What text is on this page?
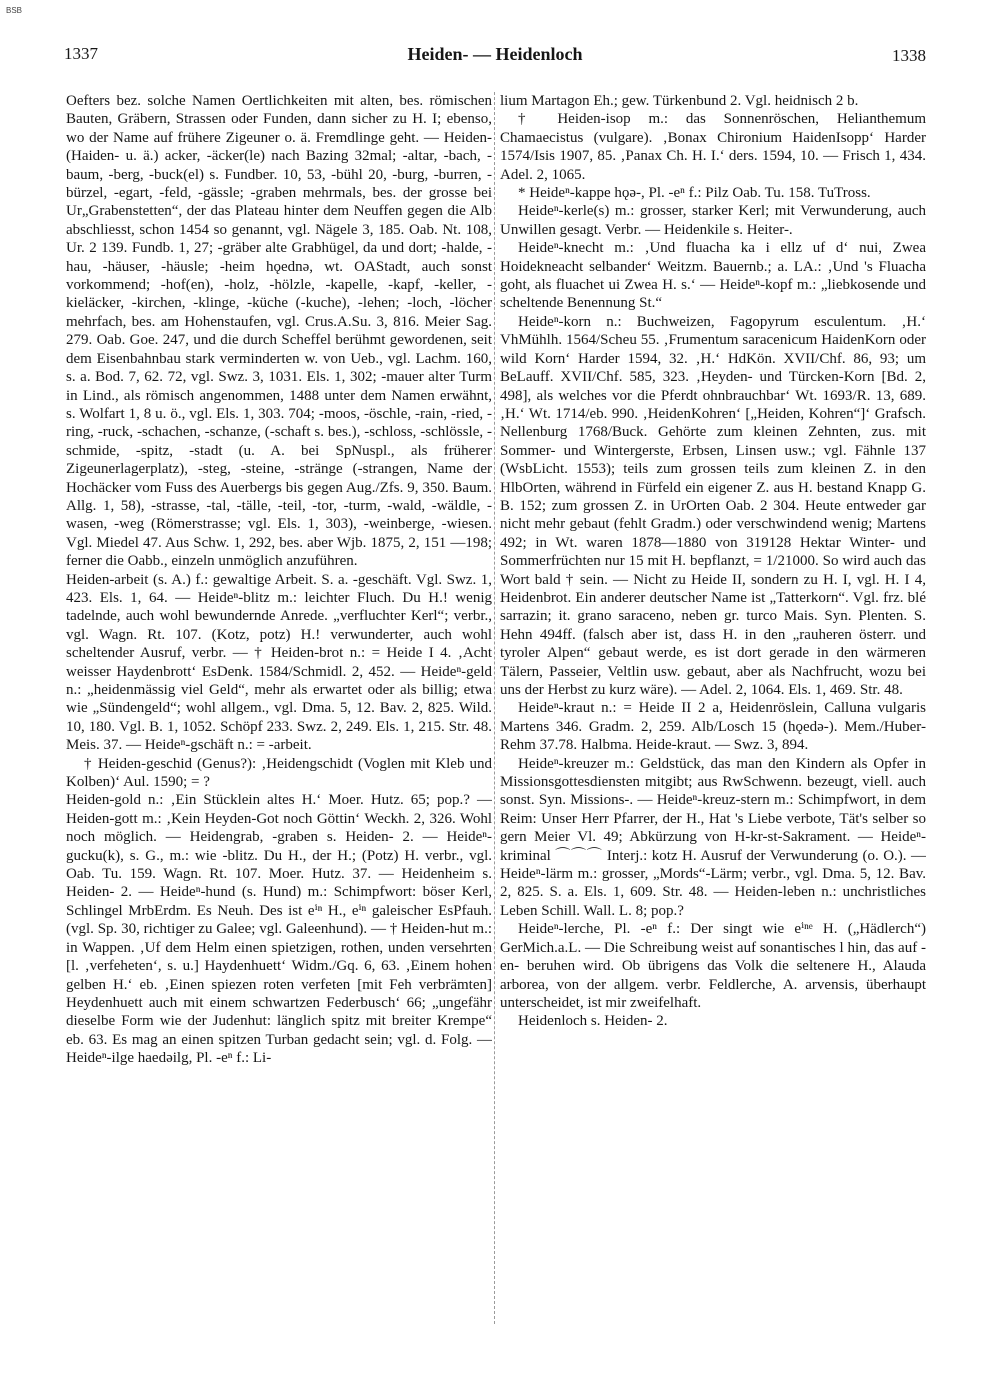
BSB
1337	Heiden- — Heidenloch	1338

Oefters bez. solche Namen Oertlichkeiten mit alten, bes. römischen Bauten, Gräbern, Strassen oder Funden, dann sicher zu H. I; ebenso, wo der Name auf frühere Zigeuner o. ä. Fremdlinge geht. — Heiden- (Haiden- u. ä.) acker, -äcker(le) nach Bazing 32mal; -altar, -bach, -baum, -berg, -buck(el) s. Fundber. 10, 53, -bühl 20, -burg, -burren, -bürzel, -egart, -feld, -gässle; -graben mehrmals, bes. der grosse bei Ur„Grabenstetten“, der das Plateau hinter dem Neuffen gegen die Alb abschliesst, schon 1454 so genannt, vgl. Nägele 3, 185. Oab. Nt. 108, Ur. 2 139. Fundb. 1, 27; -gräber alte Grabhügel, da und dort; -halde, -hau, -häuser, -häusle; -heim hǫednə, wt. OAStadt, auch sonst vorkommend; -hof(en), -holz, -hölzle, -kapelle, -kapf, -keller, -kieläcker, -kirchen, -klinge, -küche (-kuche), -lehen; -loch, -löcher mehrfach, bes. am Hohenstaufen, vgl. Crus.A.Su. 3, 816. Meier Sag. 279. Oab. Goe. 247, und die durch Scheffel berühmt gewordenen, seit dem Eisenbahnbau stark verminderten w. von Ueb., vgl. Lachm. 160, s. a. Bod. 7, 62. 72, vgl. Swz. 3, 1031. Els. 1, 302; -mauer alter Turm in Lind., als römisch angenommen, 1488 unter dem Namen erwähnt, s. Wolfart 1, 8 u. ö., vgl. Els. 1, 303. 704; -moos, -öschle, -rain, -ried, -ring, -ruck, -schachen, -schanze, (-schaft s. bes.), -schloss, -schlössle, -schmide, -spitz, -stadt (u. A. bei SpNuspl., als früherer Zigeunerlagerplatz), -steg, -steine, -stränge (-strangen, Name der Hochäcker vom Fuss des Auerbergs bis gegen Aug./Zfs. 9, 350. Baum. Allg. 1, 58), -strasse, -tal, -tälle, -teil, -tor, -turm, -wald, -wäldle, -wasen, -weg (Römerstrasse; vgl. Els. 1, 303), -weinberge, -wiesen. Vgl. Miedel 47. Aus Schw. 1, 292, bes. aber Wjb. 1875, 2, 151 —198; ferner die Oabb., einzeln unmöglich anzuführen.

Heiden-arbeit (s. A.) f.: gewaltige Arbeit. S. a. -geschäft. Vgl. Swz. 1, 423. Els. 1, 64. — Heideⁿ-blitz m.: leichter Fluch. Du H.! wenig tadelnde, auch wohl bewundernde Anrede. „verfluchter Kerl“; verbr., vgl. Wagn. Rt. 107. (Kotz, potz) H.! verwunderter, auch wohl scheltender Ausruf, verbr. — † Heiden-brot n.: = Heide I 4. ‚Acht weisser Haydenbrott‘ EsDenk. 1584/Schmidl. 2, 452. — Heideⁿ-geld n.: „heidenmässig viel Geld“, mehr als erwartet oder als billig; etwa wie „Sündengeld“; wohl allgem., vgl. Dma. 5, 12. Bav. 2, 825. Wild. 10, 180. Vgl. B. 1, 1052. Schöpf 233. Swz. 2, 249. Els. 1, 215. Str. 48. Meis. 37. — Heideⁿ-gschäft n.: = -arbeit.

† Heiden-geschid (Genus?): ‚Heidengschidt (Voglen mit Kleb und Kolben)‘ Aul. 1590; = ?

Heiden-gold n.: ‚Ein Stücklein altes H.‘ Moer. Hutz. 65; pop.? — Heiden-gott m.: ‚Kein Heyden-Got noch Göttin‘ Weckh. 2, 326. Wohl noch möglich. — Heidengrab, -graben s. Heiden- 2. — Heideⁿ-gucku(k), s. G., m.: wie -blitz. Du H., der H.; (Potz) H. verbr., vgl. Oab. Tu. 159. Wagn. Rt. 107. Moer. Hutz. 37. — Heidenheim s. Heiden- 2. — Heideⁿ-hund (s. Hund) m.: Schimpfwort: böser Kerl, Schlingel MrbErdm. Es Neuh. Des ist eⁱⁿ H., eⁱⁿ galeischer EsPfauh. (vgl. Sp. 30, richtiger zu Galee; vgl. Galeenhund). — † Heiden-hut m.: in Wappen. ‚Uf dem Helm einen spietzigen, rothen, unden versehrten [l. ‚verfeheten‘, s. u.] Haydenhuett‘ Widm./Gq. 6, 63. ‚Einem hohen gelben H.‘ eb. ‚Einen spiezen roten verfeten [mit Feh verbrämten] Heydenhuett auch mit einem schwartzen Federbusch‘ 66; „ungefähr dieselbe Form wie der Judenhut: länglich spitz mit breiter Krempe“ eb. 63. Es mag an einen spitzen Turban gedacht sein; vgl. d. Folg. — Heideⁿ-ilge haedəilg, Pl. -eⁿ f.: Li-

lium Martagon Eh.; gew. Türkenbund 2. Vgl. heidnisch 2 b.

† Heiden-isop m.: das Sonnenröschen, Helianthemum Chamaecistus (vulgare). ‚Bonax Chironium HaidenIsopp‘ Harder 1574/Isis 1907, 85. ‚Panax Ch. H. I.‘ ders. 1594, 10. — Frisch 1, 434. Adel. 2, 1065.

* Heideⁿ-kappe hǫə-, Pl. -eⁿ f.: Pilz Oab. Tu. 158. TuTross.

Heideⁿ-kerle(s) m.: grosser, starker Kerl; mit Verwunderung, auch Unwillen gesagt. Verbr. — Heidenkile s. Heiter-.

Heideⁿ-knecht m.: ‚Und fluacha ka i ellz uf d‘ nui, Zwea Hoidekneacht selbander‘ Weitzm. Bauernb.; a. LA.: ‚Und 's Fluacha goht, als fluachet ui Zwea H. s.‘ — Heideⁿ-kopf m.: „liebkosende und scheltende Benennung St.“

Heideⁿ-korn n.: Buchweizen, Fagopyrum esculentum. ‚H.‘ VhMühlh. 1564/Scheu 55. ‚Frumentum saracenicum HaidenKorn oder wild Korn‘ Harder 1594, 32. ‚H.‘ HdKön. XVII/Chf. 86, 93; um BeLauff. XVII/Chf. 585, 323. ‚Heyden- und Türcken-Korn [Bd. 2, 498], als welches vor die Pferdt ohnbrauchbar‘ Wt. 1693/R. 13, 689. ‚H.‘ Wt. 1714/eb. 990. ‚HeidenKohren‘ [„Heiden, Kohren“]‘ Grafsch. Nellenburg 1768/Buck. Gehörte zum kleinen Zehnten, zus. mit Sommer- und Wintergerste, Erbsen, Linsen usw.; vgl. Fähnle 137 (WsbLicht. 1553); teils zum grossen teils zum kleinen Z. in den HlbOrten, während in Fürfeld ein eigener Z. aus H. bestand Knapp G. B. 152; zum grossen Z. in UrOrten Oab. 2 304. Heute entweder gar nicht mehr gebaut (fehlt Gradm.) oder verschwindend wenig; Martens 492; in Wt. waren 1878—1880 von 319128 Hektar Winter- und Sommerfrüchten nur 15 mit H. bepflanzt, = 1/21000. So wird auch das Wort bald † sein. — Nicht zu Heide II, sondern zu H. I, vgl. H. I 4, Heidenbrot. Ein anderer deutscher Name ist „Tatterkorn“. Vgl. frz. blé sarrazin; it. grano saraceno, neben gr. turco Mais. Syn. Plenten. S. Hehn 494ff. (falsch aber ist, dass H. in den „rauheren österr. und tyroler Alpen“ gebaut werde, es ist dort gerade in den wärmeren Tälern, Passeier, Veltlin usw. gebaut, aber als Nachfrucht, wozu bei uns der Herbst zu kurz wäre). — Adel. 2, 1064. Els. 1, 469. Str. 48.

Heideⁿ-kraut n.: = Heide II 2 a, Heidenröslein, Calluna vulgaris Martens 346. Gradm. 2, 259. Alb/Losch 15 (hǫedə-). Mem./Huber-Rehm 37.78. Halbma. Heide-kraut. — Swz. 3, 894.

Heideⁿ-kreuzer m.: Geldstück, das man den Kindern als Opfer in Missionsgottesdiensten mitgibt; aus RwSchwenn. bezeugt, viell. auch sonst. Syn. Missions-. — Heideⁿ-kreuz-stern m.: Schimpfwort, in dem Reim: Unser Herr Pfarrer, der H., Hat 's Liebe verbote, Tät's selber so gern Meier Vl. 49; Abkürzung von H-kr-st-Sakrament. — Heideⁿ-kriminal ⌒⌒⌒ Interj.: kotz H. Ausruf der Verwunderung (o. O.). — Heideⁿ-lärm m.: grosser, „Mords“-Lärm; verbr., vgl. Dma. 5, 12. Bav. 2, 825. S. a. Els. 1, 609. Str. 48. — Heiden-leben n.: unchristliches Leben Schill. Wall. L. 8; pop.?

Heideⁿ-lerche, Pl. -eⁿ f.: Der singt wie eⁱⁿᵉ H. („Hädlerch“) GerMich.a.L. — Die Schreibung weist auf sonantisches l hin, das auf -en- beruhen wird. Ob übrigens das Volk die seltenere H., Alauda arborea, von der allgem. verbr. Feldlerche, A. arvensis, überhaupt unterscheidet, ist mir zweifelhaft.

Heidenloch s. Heiden- 2.
